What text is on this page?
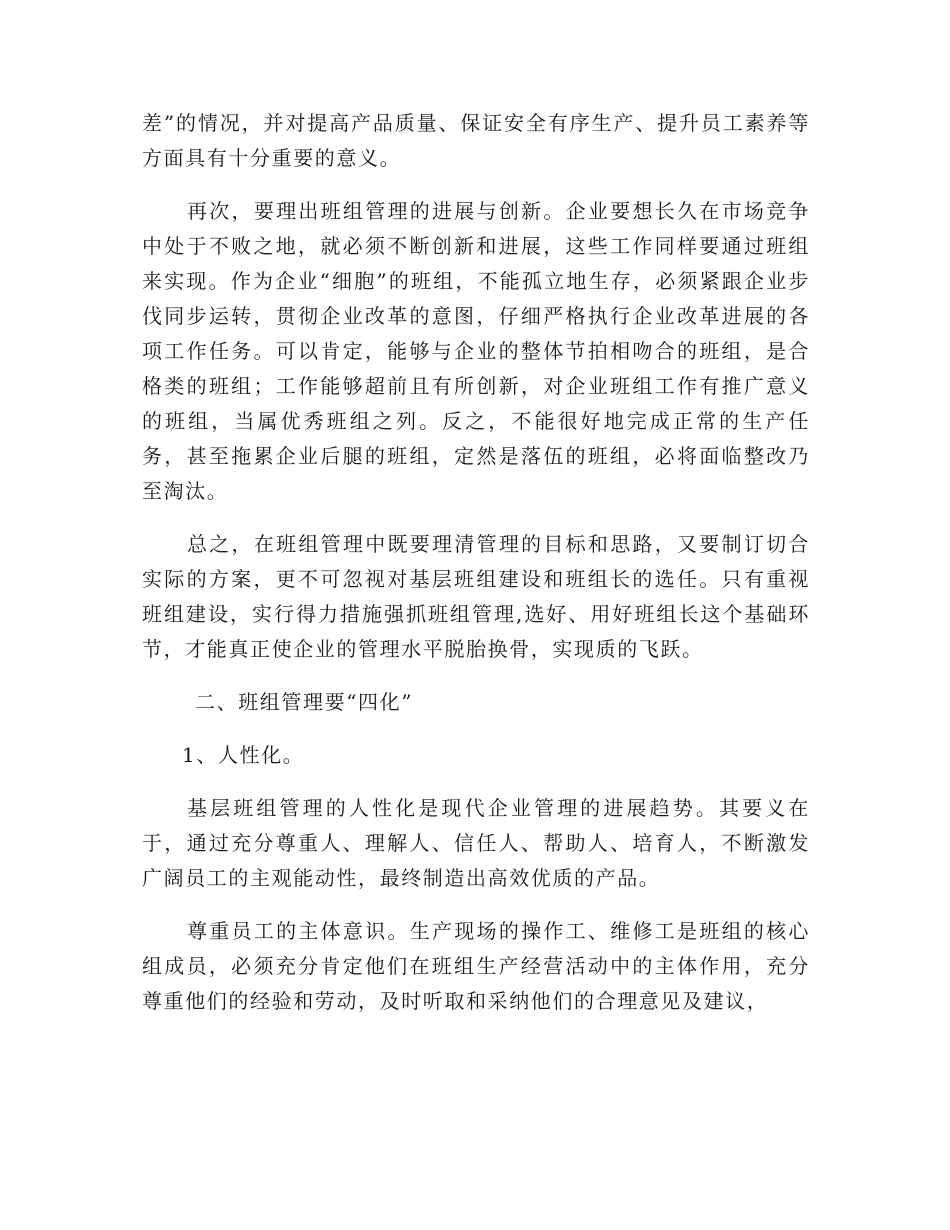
差”的情况，并对提高产品质量、保证安全有序生产、提升员工素养等方面具有十分重要的意义。

再次，要理出班组管理的进展与创新。企业要想长久在市场竞争中处于不败之地，就必须不断创新和进展，这些工作同样要通过班组来实现。作为企业“细胞”的班组，不能孤立地生存，必须紧跟企业步伐同步运转，贯彻企业改革的意图，仔细严格执行企业改革进展的各项工作任务。可以肯定，能够与企业的整体节拍相吻合的班组，是合格类的班组；工作能够超前且有所创新，对企业班组工作有推广意义的班组，当属优秀班组之列。反之，不能很好地完成正常的生产任务，甚至拖累企业后腿的班组，定然是落伍的班组，必将面临整改乃至淘汰。

总之，在班组管理中既要理清管理的目标和思路，又要制订切合实际的方案，更不可忽视对基层班组建设和班组长的选任。只有重视班组建设，实行得力措施强抓班组管理,选好、用好班组长这个基础环节，才能真正使企业的管理水平脱胎换骨，实现质的飞跃。

二、班组管理要“四化”

1、人性化。

基层班组管理的人性化是现代企业管理的进展趋势。其要义在于，通过充分尊重人、理解人、信任人、帮助人、培育人，不断激发广阔员工的主观能动性，最终制造出高效优质的产品。

尊重员工的主体意识。生产现场的操作工、维修工是班组的核心组成员，必须充分肯定他们在班组生产经营活动中的主体作用，充分尊重他们的经验和劳动，及时听取和采纳他们的合理意见及建议，
